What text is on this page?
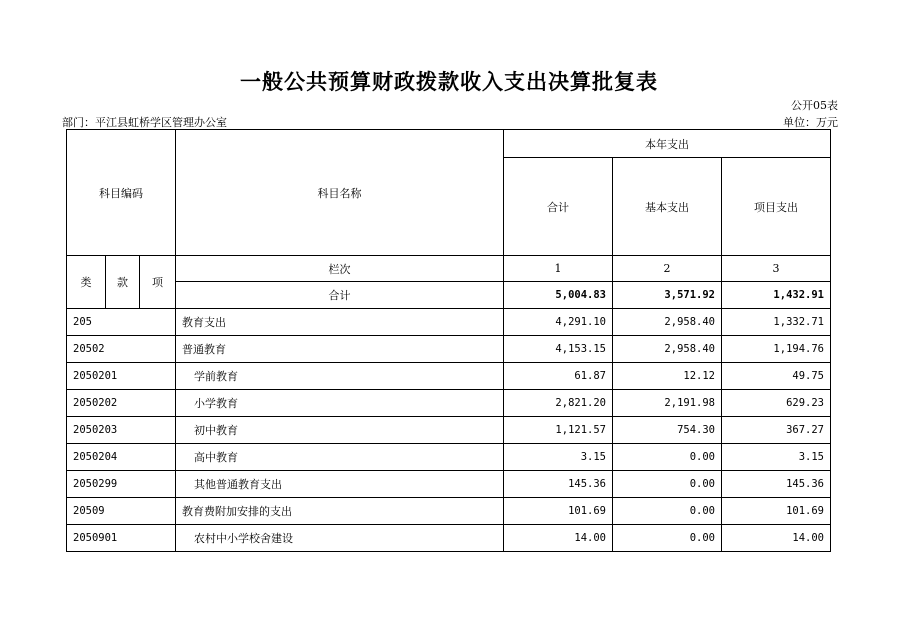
一般公共预算财政拨款收入支出决算批复表
公开05表
部门：平江县虹桥学区管理办公室	单位：万元
科目编码			科目名称	本年支出		
				合计	基本支出	项目支出

类	款	项	栏次	1	2	3
			合计	5,004.83	3,571.92	1,432.91
205			教育支出	4,291.10	2,958.40	1,332.71
20502			普通教育	4,153.15	2,958.40	1,194.76
2050201			学前教育	61.87	12.12	49.75
2050202			小学教育	2,821.20	2,191.98	629.23
2050203			初中教育	1,121.57	754.30	367.27
2050204			高中教育	3.15	0.00	3.15
2050299			其他普通教育支出	145.36	0.00	145.36
20509			教育费附加安排的支出	101.69	0.00	101.69
2050901			农村中小学校舍建设	14.00	0.00	14.00
